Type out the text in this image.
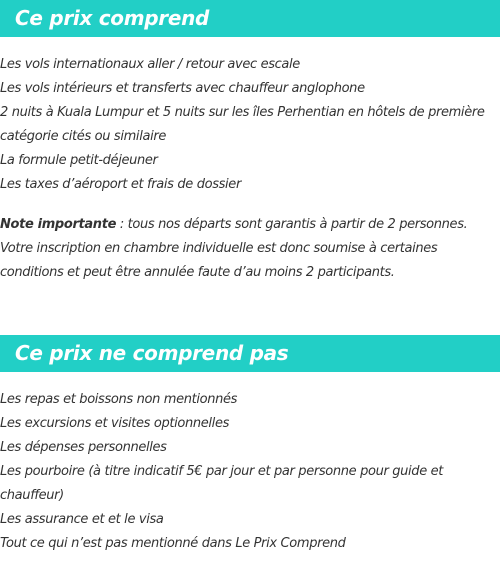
Ce prix comprend
Les vols internationaux aller / retour avec escale
Les vols intérieurs et transferts avec chauffeur anglophone
2 nuits à Kuala Lumpur et 5 nuits sur les îles Perhentian en hôtels de première catégorie cités ou similaire
La formule petit-déjeuner
Les taxes d’aéroport et frais de dossier
Note importante : tous nos départs sont garantis à partir de 2 personnes. Votre inscription en chambre individuelle est donc soumise à certaines conditions et peut être annulée faute d’au moins 2 participants.
Ce prix ne comprend pas
Les repas et boissons non mentionnés
Les excursions et visites optionnelles
Les dépenses personnelles
Les pourboire (à titre indicatif 5€ par jour et par personne pour guide et chauffeur)
Les assurance et et le visa
Tout ce qui n’est pas mentionné dans Le Prix Comprend
